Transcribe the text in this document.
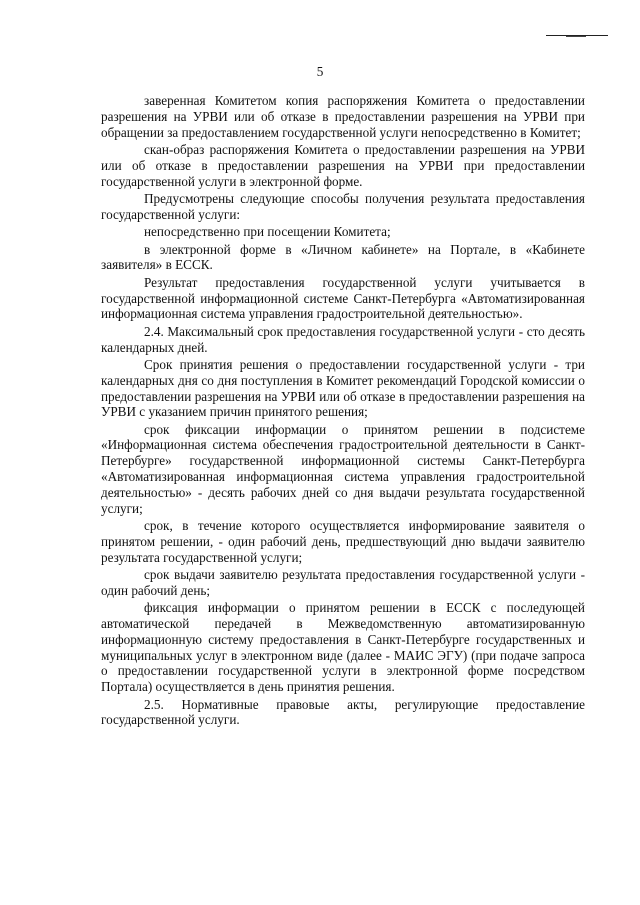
5

заверенная Комитетом копия распоряжения Комитета о предоставлении разрешения на УРВИ или об отказе в предоставлении разрешения на УРВИ при обращении за предоставлением государственной услуги непосредственно в Комитет;

скан-образ распоряжения Комитета о предоставлении разрешения на УРВИ или об отказе в предоставлении разрешения на УРВИ при предоставлении государственной услуги в электронной форме.

Предусмотрены следующие способы получения результата предоставления государственной услуги:

непосредственно при посещении Комитета;

в электронной форме в «Личном кабинете» на Портале, в «Кабинете заявителя» в ЕССК.

Результат предоставления государственной услуги учитывается в государственной информационной системе Санкт-Петербурга «Автоматизированная информационная система управления градостроительной деятельностью».

2.4. Максимальный срок предоставления государственной услуги - сто десять календарных дней.

Срок принятия решения о предоставлении государственной услуги - три календарных дня со дня поступления в Комитет рекомендаций Городской комиссии о предоставлении разрешения на УРВИ или об отказе в предоставлении разрешения на УРВИ с указанием причин принятого решения;

срок фиксации информации о принятом решении в подсистеме «Информационная система обеспечения градостроительной деятельности в Санкт-Петербурге» государственной информационной системы Санкт-Петербурга «Автоматизированная информационная система управления градостроительной деятельностью» - десять рабочих дней со дня выдачи результата государственной услуги;

срок, в течение которого осуществляется информирование заявителя о принятом решении, - один рабочий день, предшествующий дню выдачи заявителю результата государственной услуги;

срок выдачи заявителю результата предоставления государственной услуги - один рабочий день;

фиксация информации о принятом решении в ЕССК с последующей автоматической передачей в Межведомственную автоматизированную информационную систему предоставления в Санкт-Петербурге государственных и муниципальных услуг в электронном виде (далее - МАИС ЭГУ) (при подаче запроса о предоставлении государственной услуги в электронной форме посредством Портала) осуществляется в день принятия решения.

2.5. Нормативные правовые акты, регулирующие предоставление государственной услуги.
